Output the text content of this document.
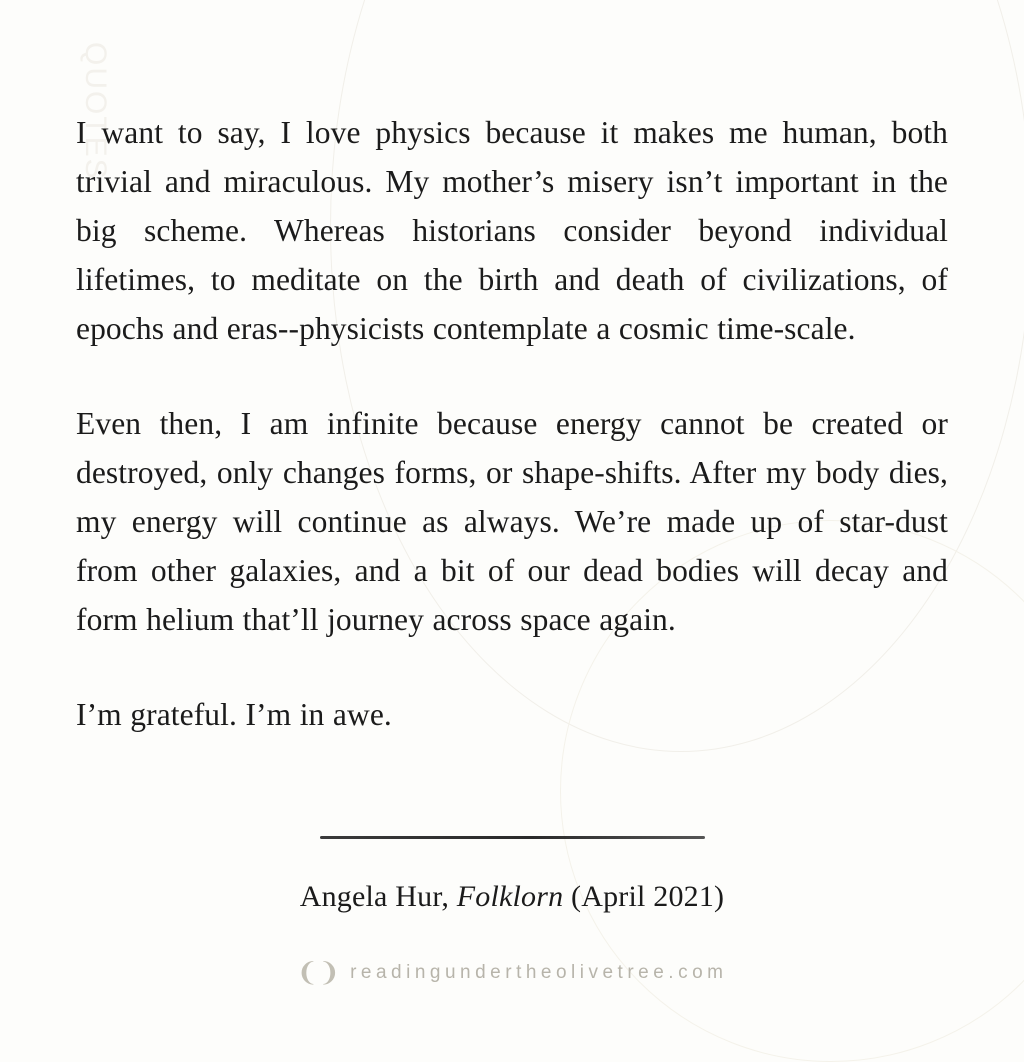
QUOTES

I want to say, I love physics because it makes me human, both trivial and miraculous. My mother’s misery isn’t important in the big scheme. Whereas historians consider beyond individual lifetimes, to meditate on the birth and death of civilizations, of epochs and eras--physicists contemplate a cosmic time-scale.

Even then, I am infinite because energy cannot be created or destroyed, only changes forms, or shape-shifts. After my body dies, my energy will continue as always. We’re made up of star-dust from other galaxies, and a bit of our dead bodies will decay and form helium that’ll journey across space again.

I’m grateful. I’m in awe.

Angela Hur, Folklorn (April 2021)
❨❩ readingundertheolivetree.com
